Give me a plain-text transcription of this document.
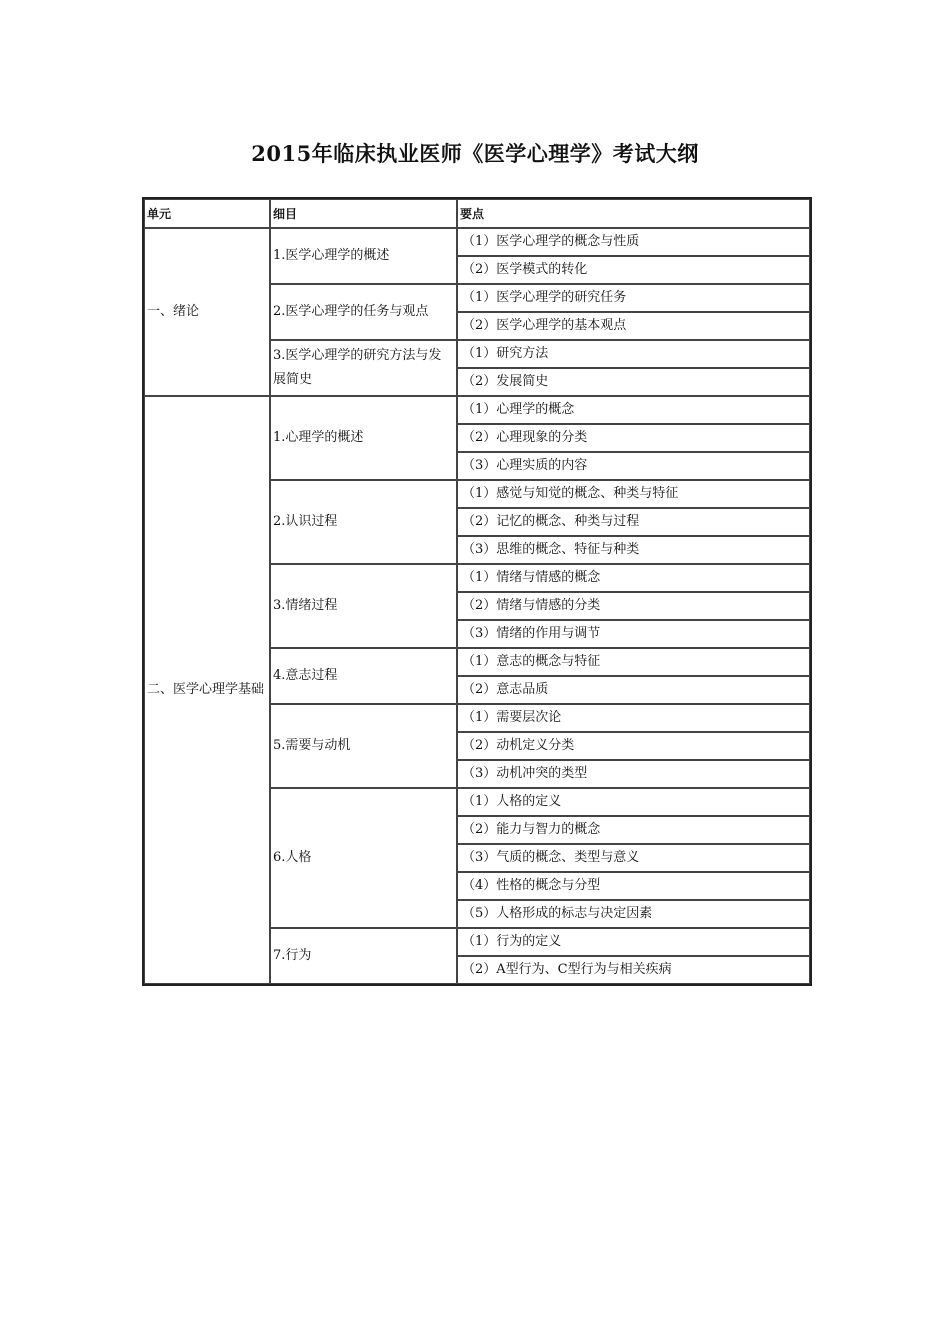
2015年临床执业医师《医学心理学》考试大纲
单元	细目	要点
一、绪论	1.医学心理学的概述	（1）医学心理学的概念与性质
		（2）医学模式的转化
	2.医学心理学的任务与观点	（1）医学心理学的研究任务
		（2）医学心理学的基本观点
	3.医学心理学的研究方法与发展简史	（1）研究方法
		（2）发展简史
二、医学心理学基础	1.心理学的概述	（1）心理学的概念
		（2）心理现象的分类
		（3）心理实质的内容
	2.认识过程	（1）感觉与知觉的概念、种类与特征
		（2）记忆的概念、种类与过程
		（3）思维的概念、特征与种类
	3.情绪过程	（1）情绪与情感的概念
		（2）情绪与情感的分类
		（3）情绪的作用与调节
	4.意志过程	（1）意志的概念与特征
		（2）意志品质
	5.需要与动机	（1）需要层次论
		（2）动机定义分类
		（3）动机冲突的类型
	6.人格	（1）人格的定义
		（2）能力与智力的概念
		（3）气质的概念、类型与意义
		（4）性格的概念与分型
		（5）人格形成的标志与决定因素
	7.行为	（1）行为的定义
		（2）A型行为、C型行为与相关疾病
